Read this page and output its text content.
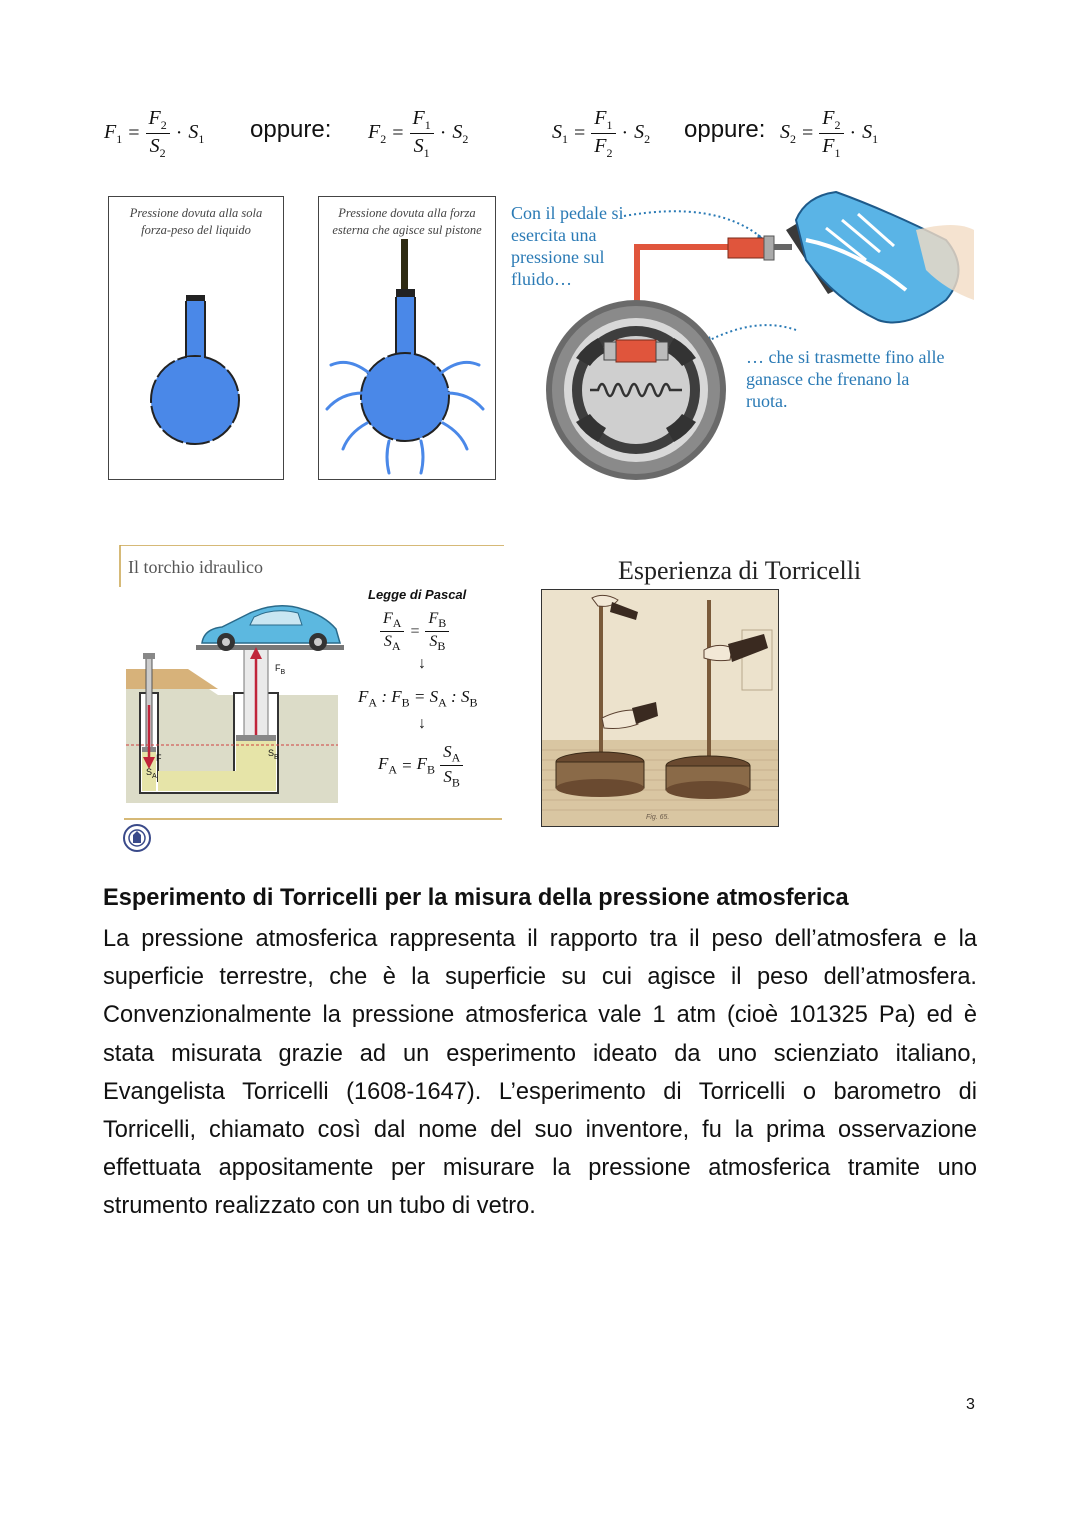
$F_1 = \frac{F_2}{S_2} \cdot S_1$ oppure: $F_2 = \frac{F_1}{S_1} \cdot S_2$	$S_1 = \frac{F_1}{F_2} \cdot S_2$ oppure: $S_2 = \frac{F_2}{F_1} \cdot S_1$
Pressione dovuta alla sola forza-peso del liquido
Pressione dovuta alla forza esterna che agisce sul pistone
Con il pedale si esercita una pressione sul fluido…
… che si trasmette fino alle ganasce che frenano la ruota.
Il torchio idraulico
Legge di Pascal
$\frac{F_A}{S_A} = \frac{F_B}{S_B}$
↓
$F_A$ : $F_B = S_A$ : $S_B$
↓
$F_A = F_B \frac{S_A}{S_B}$
$F_B$
F
$S_A$
$S_B$
Esperienza di Torricelli
Fig. 65.
Esperimento di Torricelli per la misura della pressione atmosferica

La pressione atmosferica rappresenta il rapporto tra il peso dell’atmosfera e la superficie terrestre, che è la superficie su cui agisce il peso dell’atmosfera. Convenzionalmente la pressione atmosferica vale 1 atm (cioè 101325 Pa) ed è stata misurata grazie ad un esperimento ideato da uno scienziato italiano, Evangelista Torricelli (1608-1647). L’esperimento di Torricelli o barometro di Torricelli, chiamato così dal nome del suo inventore, fu la prima osservazione effettuata appositamente per misurare la pressione atmosferica tramite uno strumento realizzato con un tubo di vetro.

3
